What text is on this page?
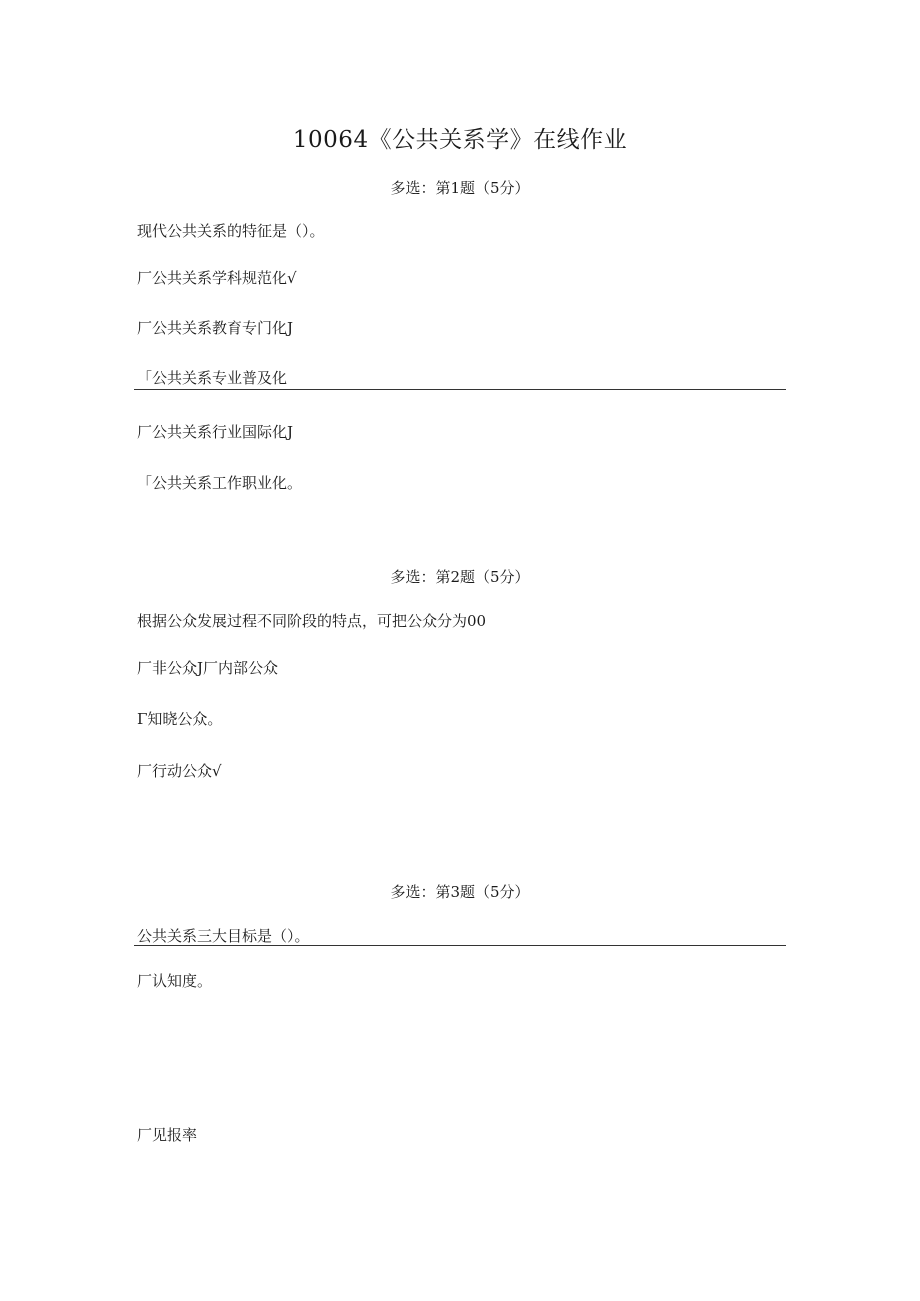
10064《公共关系学》在线作业
多选：第1题（5分）
现代公共关系的特征是（）。
厂公共关系学科规范化√
厂公共关系教育专门化J
「公共关系专业普及化
厂公共关系行业国际化J
「公共关系工作职业化。
多选：第2题（5分）
根据公众发展过程不同阶段的特点，可把公众分为00
厂非公众J厂内部公众
Γ知晓公众。
厂行动公众√
多选：第3题（5分）
公共关系三大目标是（）。
厂认知度。
厂见报率
